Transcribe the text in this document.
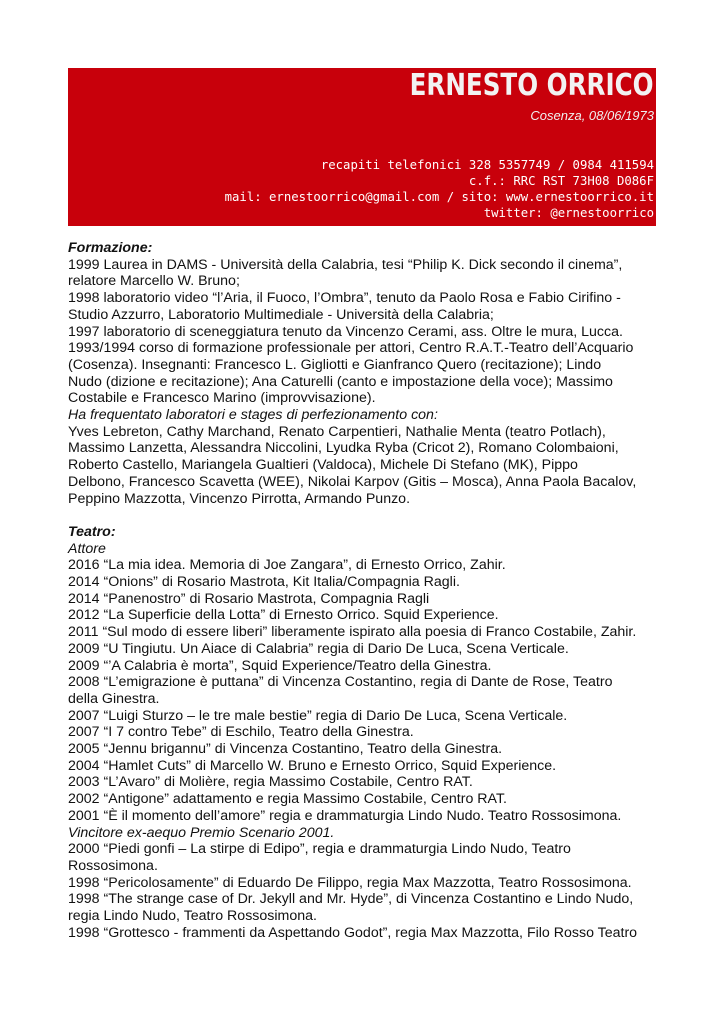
ERNESTO ORRICO
Cosenza, 08/06/1973
recapiti telefonici 328 5357749 / 0984 411594
c.f.: RRC RST 73H08 D086F
mail: ernestoorrico@gmail.com / sito: www.ernestoorrico.it
twitter: @ernestoorrico
Formazione:
1999 Laurea in DAMS - Università della Calabria, tesi “Philip K. Dick secondo il cinema”,
relatore Marcello W. Bruno;
1998 laboratorio video “l’Aria, il Fuoco, l’Ombra”, tenuto da Paolo Rosa e Fabio Cirifino -
Studio Azzurro, Laboratorio Multimediale - Università della Calabria;
1997 laboratorio di sceneggiatura tenuto da Vincenzo Cerami, ass. Oltre le mura, Lucca.
1993/1994 corso di formazione professionale per attori, Centro R.A.T.-Teatro dell’Acquario
(Cosenza). Insegnanti: Francesco L. Gigliotti e Gianfranco Quero (recitazione); Lindo
Nudo (dizione e recitazione); Ana Caturelli (canto e impostazione della voce); Massimo
Costabile e Francesco Marino (improvvisazione).
Ha frequentato laboratori e stages di perfezionamento con:
Yves Lebreton, Cathy Marchand, Renato Carpentieri, Nathalie Menta (teatro Potlach),
Massimo Lanzetta, Alessandra Niccolini, Lyudka Ryba (Cricot 2), Romano Colombaioni,
Roberto Castello, Mariangela Gualtieri (Valdoca), Michele Di Stefano (MK), Pippo
Delbono, Francesco Scavetta (WEE), Nikolai Karpov (Gitis – Mosca), Anna Paola Bacalov,
Peppino Mazzotta, Vincenzo Pirrotta, Armando Punzo.
Teatro:
Attore
2016 “La mia idea. Memoria di Joe Zangara”, di Ernesto Orrico, Zahir.
2014 “Onions” di Rosario Mastrota, Kit Italia/Compagnia Ragli.
2014 “Panenostro” di Rosario Mastrota, Compagnia Ragli
2012 “La Superficie della Lotta” di Ernesto Orrico. Squid Experience.
2011 “Sul modo di essere liberi” liberamente ispirato alla poesia di Franco Costabile, Zahir.
2009 “U Tingiutu. Un Aiace di Calabria” regia di Dario De Luca, Scena Verticale.
2009 “’A Calabria è morta”, Squid Experience/Teatro della Ginestra.
2008 “L’emigrazione è puttana” di Vincenza Costantino, regia di Dante de Rose, Teatro
della Ginestra.
2007 “Luigi Sturzo – le tre male bestie” regia di Dario De Luca, Scena Verticale.
2007 “I 7 contro Tebe” di Eschilo, Teatro della Ginestra.
2005 “Jennu brigannu” di Vincenza Costantino, Teatro della Ginestra.
2004 “Hamlet Cuts” di Marcello W. Bruno e Ernesto Orrico, Squid Experience.
2003 “L’Avaro” di Molière, regia Massimo Costabile, Centro RAT.
2002 “Antigone” adattamento e regia Massimo Costabile, Centro RAT.
2001 “È il momento dell’amore” regia e drammaturgia Lindo Nudo. Teatro Rossosimona.
Vincitore ex-aequo Premio Scenario 2001.
2000 “Piedi gonfi – La stirpe di Edipo”, regia e drammaturgia Lindo Nudo, Teatro
Rossosimona.
1998 “Pericolosamente” di Eduardo De Filippo, regia Max Mazzotta, Teatro Rossosimona.
1998 “The strange case of Dr. Jekyll and Mr. Hyde”, di Vincenza Costantino e Lindo Nudo,
regia Lindo Nudo, Teatro Rossosimona.
1998 “Grottesco - frammenti da Aspettando Godot”, regia Max Mazzotta, Filo Rosso Teatro
